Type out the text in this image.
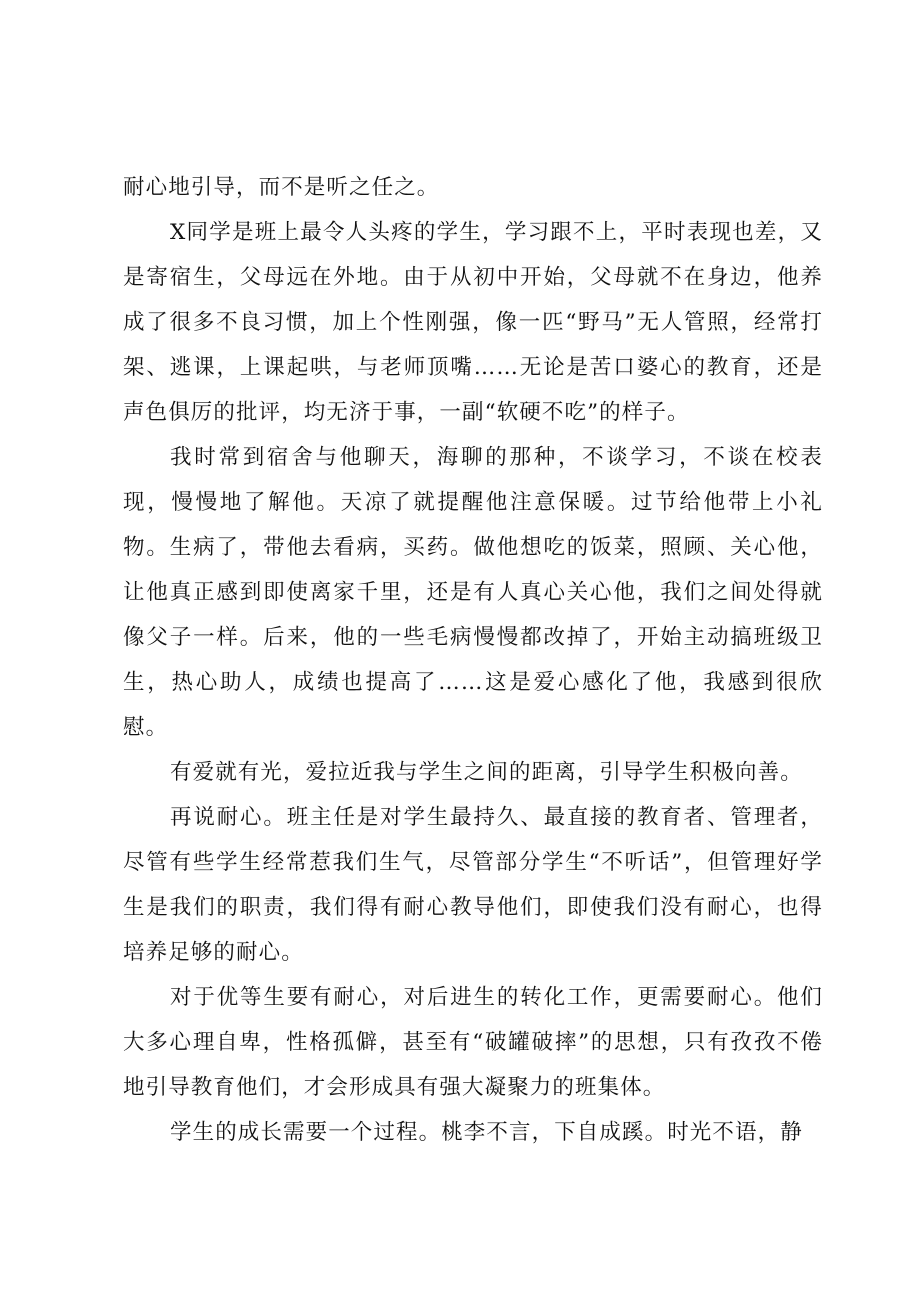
耐心地引导，而不是听之任之。

X同学是班上最令人头疼的学生，学习跟不上，平时表现也差，又是寄宿生，父母远在外地。由于从初中开始，父母就不在身边，他养成了很多不良习惯，加上个性刚强，像一匹“野马”无人管照，经常打架、逃课，上课起哄，与老师顶嘴……无论是苦口婆心的教育，还是声色俱厉的批评，均无济于事，一副“软硬不吃”的样子。

我时常到宿舍与他聊天，海聊的那种，不谈学习，不谈在校表现，慢慢地了解他。天凉了就提醒他注意保暖。过节给他带上小礼物。生病了，带他去看病，买药。做他想吃的饭菜，照顾、关心他，让他真正感到即使离家千里，还是有人真心关心他，我们之间处得就像父子一样。后来，他的一些毛病慢慢都改掉了，开始主动搞班级卫生，热心助人，成绩也提高了……这是爱心感化了他，我感到很欣慰。

有爱就有光，爱拉近我与学生之间的距离，引导学生积极向善。

再说耐心。班主任是对学生最持久、最直接的教育者、管理者，尽管有些学生经常惹我们生气，尽管部分学生“不听话”，但管理好学生是我们的职责，我们得有耐心教导他们，即使我们没有耐心，也得培养足够的耐心。

对于优等生要有耐心，对后进生的转化工作，更需要耐心。他们大多心理自卑，性格孤僻，甚至有“破罐破摔”的思想，只有孜孜不倦地引导教育他们，才会形成具有强大凝聚力的班集体。

学生的成长需要一个过程。桃李不言，下自成蹊。时光不语，静
